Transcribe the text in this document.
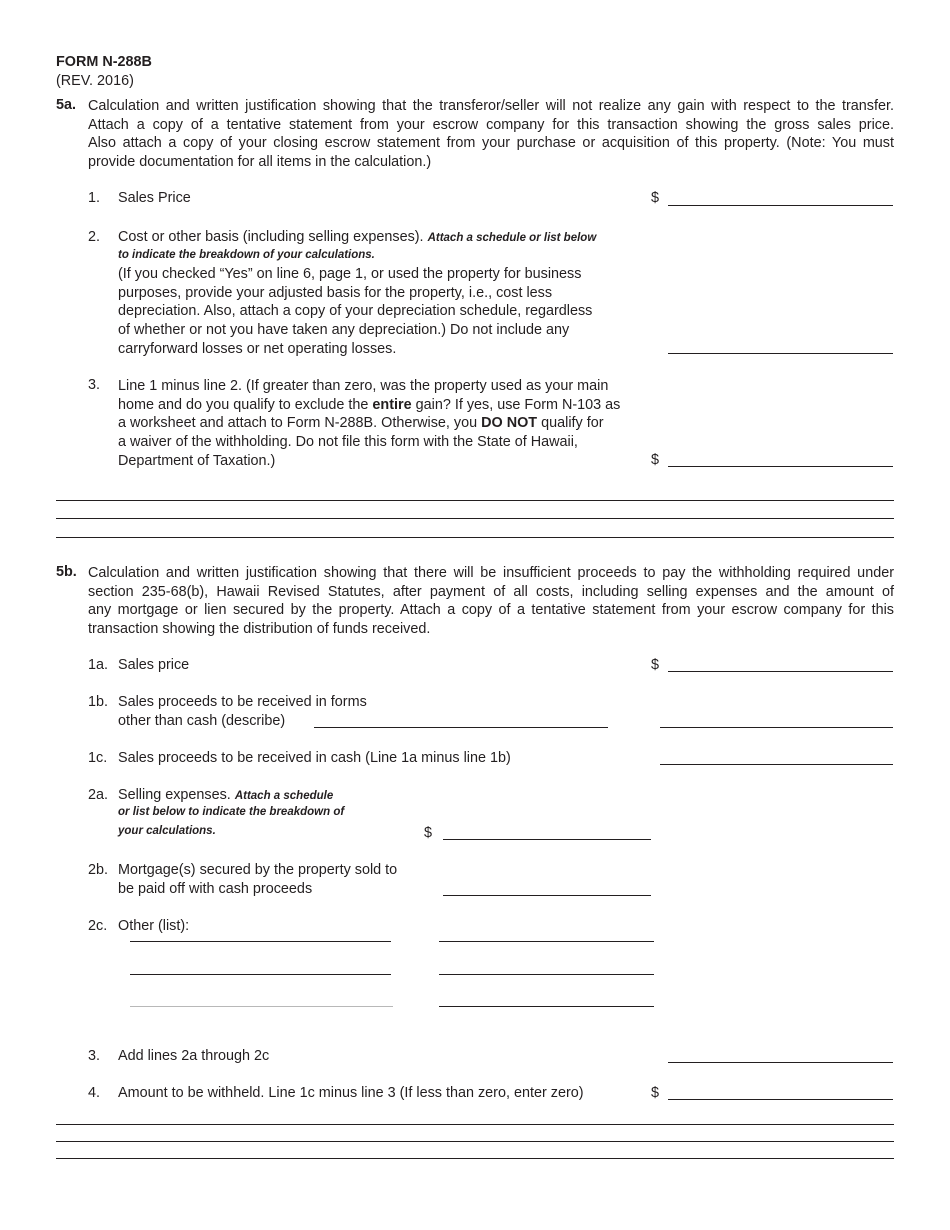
FORM N-288B
(REV. 2016)
5a. Calculation and written justification showing that the transferor/seller will not realize any gain with respect to the transfer.
Attach a copy of a tentative statement from your escrow company for this transaction showing the gross sales price.
Also attach a copy of your closing escrow statement from your purchase or acquisition of this property. (Note: You must
provide documentation for all items in the calculation.)
1. Sales Price	$
2. Cost or other basis (including selling expenses). Attach a schedule or list below
to indicate the breakdown of your calculations.
(If you checked “Yes” on line 6, page 1, or used the property for business
purposes, provide your adjusted basis for the property, i.e., cost less
depreciation. Also, attach a copy of your depreciation schedule, regardless
of whether or not you have taken any depreciation.) Do not include any
carryforward losses or net operating losses.
3. Line 1 minus line 2. (If greater than zero, was the property used as your main
home and do you qualify to exclude the entire gain? If yes, use Form N-103 as
a worksheet and attach to Form N-288B. Otherwise, you DO NOT qualify for
a waiver of the withholding. Do not file this form with the State of Hawaii,
Department of Taxation.)	$
5b. Calculation and written justification showing that there will be insufficient proceeds to pay the withholding required under
section 235-68(b), Hawaii Revised Statutes, after payment of all costs, including selling expenses and the amount of
any mortgage or lien secured by the property. Attach a copy of a tentative statement from your escrow company for this
transaction showing the distribution of funds received.
1a. Sales price	$
1b. Sales proceeds to be received in forms
other than cash (describe)
1c. Sales proceeds to be received in cash (Line 1a minus line 1b)
2a. Selling expenses. Attach a schedule
or list below to indicate the breakdown of
your calculations.	$
2b. Mortgage(s) secured by the property sold to
be paid off with cash proceeds
2c. Other (list):
3. Add lines 2a through 2c
4. Amount to be withheld. Line 1c minus line 3 (If less than zero, enter zero)	$
